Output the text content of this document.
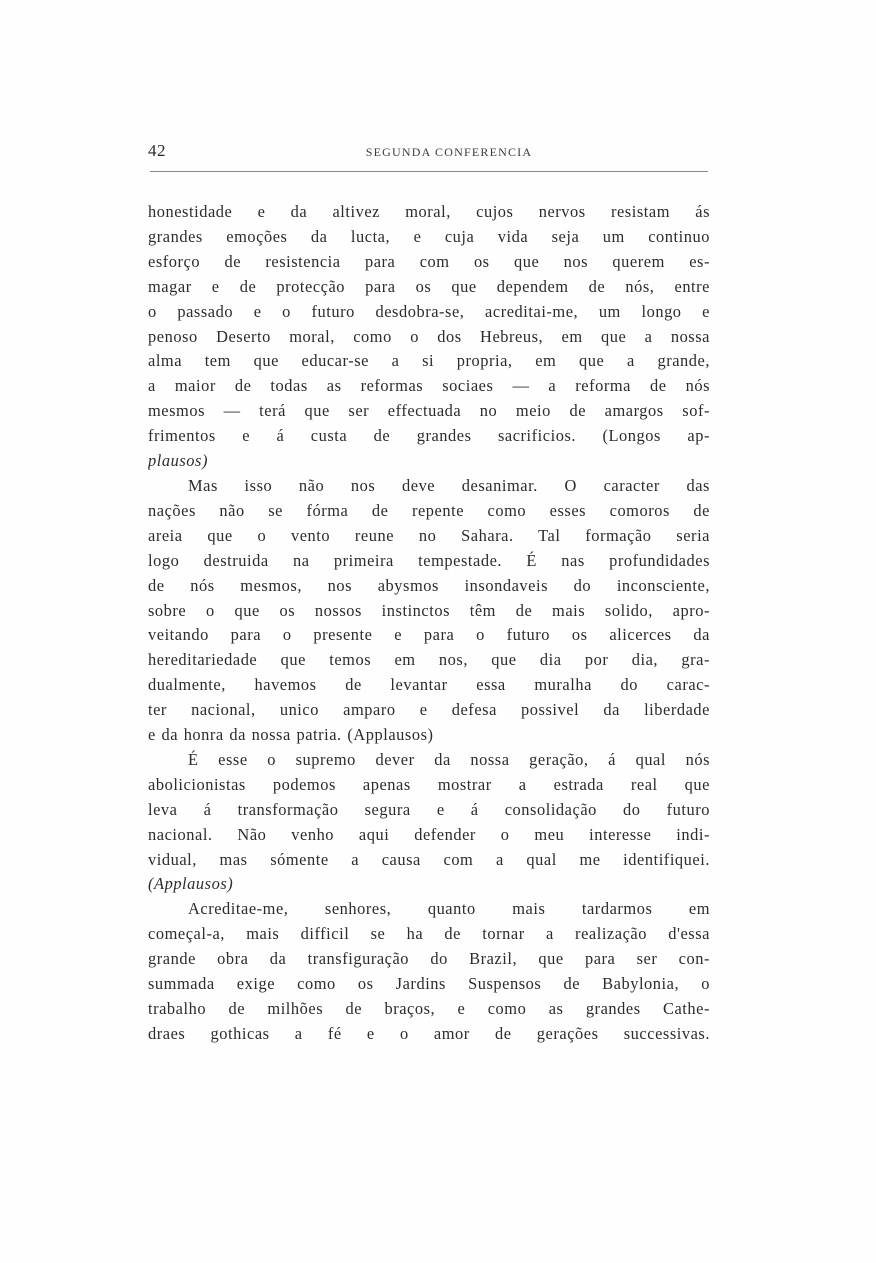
42	SEGUNDA CONFERENCIA

honestidade e da altivez moral, cujos nervos resistam ás
grandes emoções da lucta, e cuja vida seja um continuo
esforço de resistencia para com os que nos querem es-
magar e de protecção para os que dependem de nós, entre
o passado e o futuro desdobra-se, acreditai-me, um longo e
penoso Deserto moral, como o dos Hebreus, em que a nossa
alma tem que educar-se a si propria, em que a grande,
a maior de todas as reformas sociaes — a reforma de nós
mesmos — terá que ser effectuada no meio de amargos sof-
frimentos e á custa de grandes sacrificios. (Longos ap-
plausos)

Mas isso não nos deve desanimar. O caracter das
nações não se fórma de repente como esses comoros de
areia que o vento reune no Sahara. Tal formação seria
logo destruida na primeira tempestade. É nas profundidades
de nós mesmos, nos abysmos insondaveis do inconsciente,
sobre o que os nossos instinctos têm de mais solido, apro-
veitando para o presente e para o futuro os alicerces da
hereditariedade que temos em nos, que dia por dia, gra-
dualmente, havemos de levantar essa muralha do carac-
ter nacional, unico amparo e defesa possivel da liberdade
e da honra da nossa patria. (Applausos)

É esse o supremo dever da nossa geração, á qual nós
abolicionistas podemos apenas mostrar a estrada real que
leva á transformação segura e á consolidação do futuro
nacional. Não venho aqui defender o meu interesse indi-
vidual, mas sómente a causa com a qual me identifiquei.
(Applausos)

Acreditae-me, senhores, quanto mais tardarmos em
começal-a, mais difficil se ha de tornar a realização d'essa
grande obra da transfiguração do Brazil, que para ser con-
summada exige como os Jardins Suspensos de Babylonia, o
trabalho de milhões de braços, e como as grandes Cathe-
draes gothicas a fé e o amor de gerações successivas.
